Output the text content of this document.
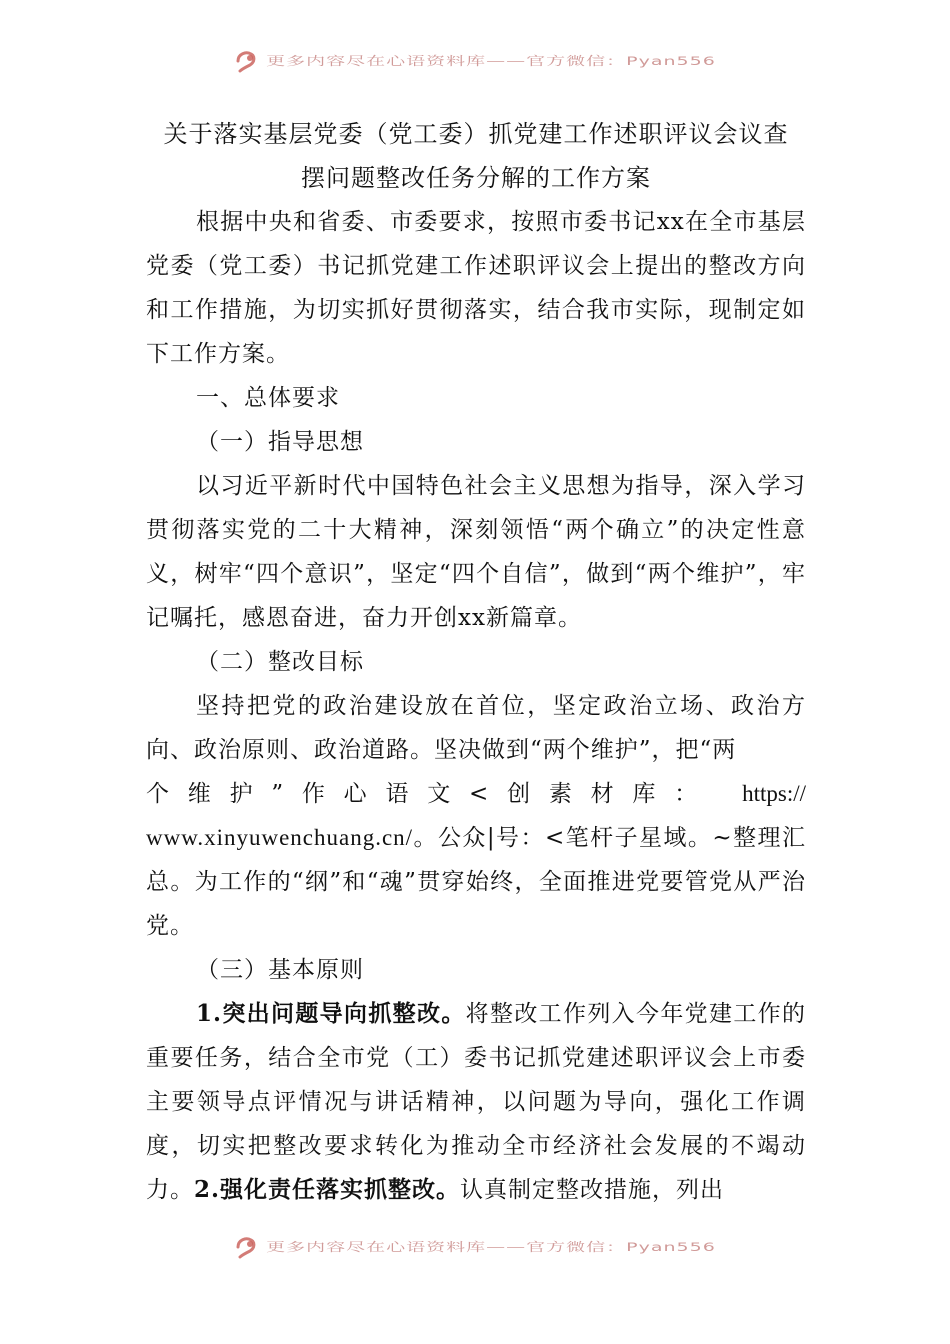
更多内容尽在心语资料库——官方微信：Pyan556
关于落实基层党委（党工委）抓党建工作述职评议会议查
摆问题整改任务分解的工作方案

根据中央和省委、市委要求，按照市委书记xx在全市基层党委（党工委）书记抓党建工作述职评议会上提出的整改方向和工作措施，为切实抓好贯彻落实，结合我市实际，现制定如下工作方案。

一、总体要求

（一）指导思想

以习近平新时代中国特色社会主义思想为指导，深入学习贯彻落实党的二十大精神，深刻领悟“两个确立”的决定性意义，树牢“四个意识”，坚定“四个自信”，做到“两个维护”，牢记嘱托，感恩奋进，奋力开创xx新篇章。

（二）整改目标

坚持把党的政治建设放在首位，坚定政治立场、政治方向、政治原则、政治道路。坚决做到“两个维护”，把“两

个维护”作心语文<创素材库： https://

www.xinyuwenchuang.cn/。公众|号：<笔杆子星域。~整理汇总。为工作的“纲”和“魂”贯穿始终，全面推进党要管党从严治党。

（三）基本原则

1.突出问题导向抓整改。将整改工作列入今年党建工作的重要任务，结合全市党（工）委书记抓党建述职评议会上市委主要领导点评情况与讲话精神，以问题为导向，强化工作调度，切实把整改要求转化为推动全市经济社会发展的不竭动力。2.强化责任落实抓整改。认真制定整改措施，列出

更多内容尽在心语资料库——官方微信：Pyan556
